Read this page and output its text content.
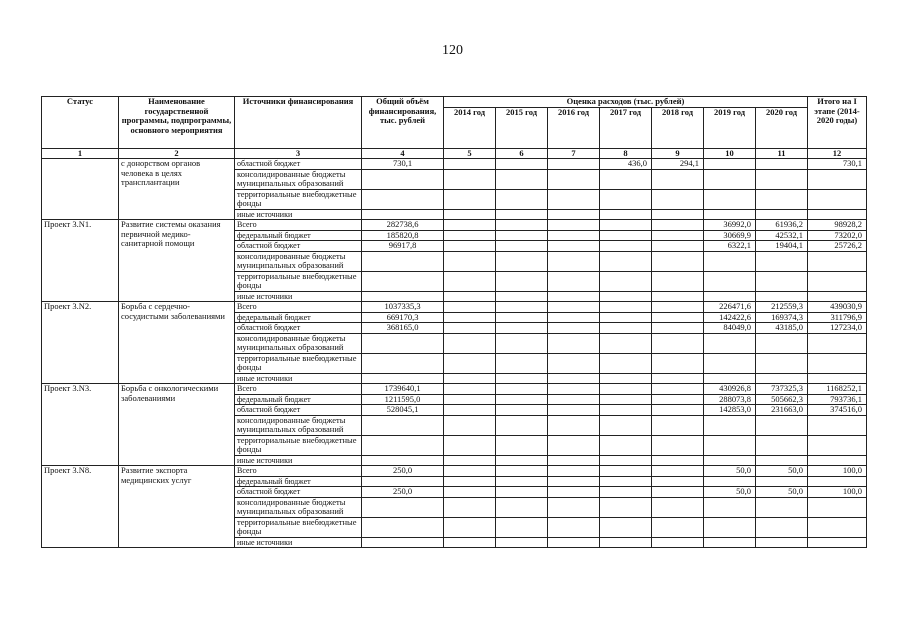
120
Статус	Наименование государственной программы, подпрограммы, основного мероприятия	Источники финансирования	Общий объём финансирования, тыс. рублей	Оценка расходов (тыс. рублей)							Итого на I этапе (2014-2020 годы)
				2014 год	2015 год	2016 год	2017 год	2018 год	2019 год	2020 год	
1	2	3	4	5	6	7	8	9	10	11	12
	с донорством органов человека в целях трансплантации	областной бюджет	730,1				436,0	294,1			730,1
		консолидированные бюджеты муниципальных образований									
		территориальные внебюджетные фонды									
		иные источники									
Проект 3.N1.	Развитие системы оказания первичной медико-санитарной помощи	Всего	282738,6						36992,0	61936,2	98928,2
		федеральный бюджет	185820,8						30669,9	42532,1	73202,0
		областной бюджет	96917,8						6322,1	19404,1	25726,2
		консолидированные бюджеты муниципальных образований									
		территориальные внебюджетные фонды									
		иные источники									
Проект 3.N2.	Борьба с сердечно-сосудистыми заболеваниями	Всего	1037335,3						226471,6	212559,3	439030,9
		федеральный бюджет	669170,3						142422,6	169374,3	311796,9
		областной бюджет	368165,0						84049,0	43185,0	127234,0
		консолидированные бюджеты муниципальных образований									
		территориальные внебюджетные фонды									
		иные источники									
Проект 3.N3.	Борьба с онкологическими заболеваниями	Всего	1739640,1						430926,8	737325,3	1168252,1
		федеральный бюджет	1211595,0						288073,8	505662,3	793736,1
		областной бюджет	528045,1						142853,0	231663,0	374516,0
		консолидированные бюджеты муниципальных образований									
		территориальные внебюджетные фонды									
		иные источники									
Проект 3.N8.	Развитие экспорта медицинских услуг	Всего	250,0						50,0	50,0	100,0
		федеральный бюджет									
		областной бюджет	250,0						50,0	50,0	100,0
		консолидированные бюджеты муниципальных образований									
		территориальные внебюджетные фонды									
		иные источники									
